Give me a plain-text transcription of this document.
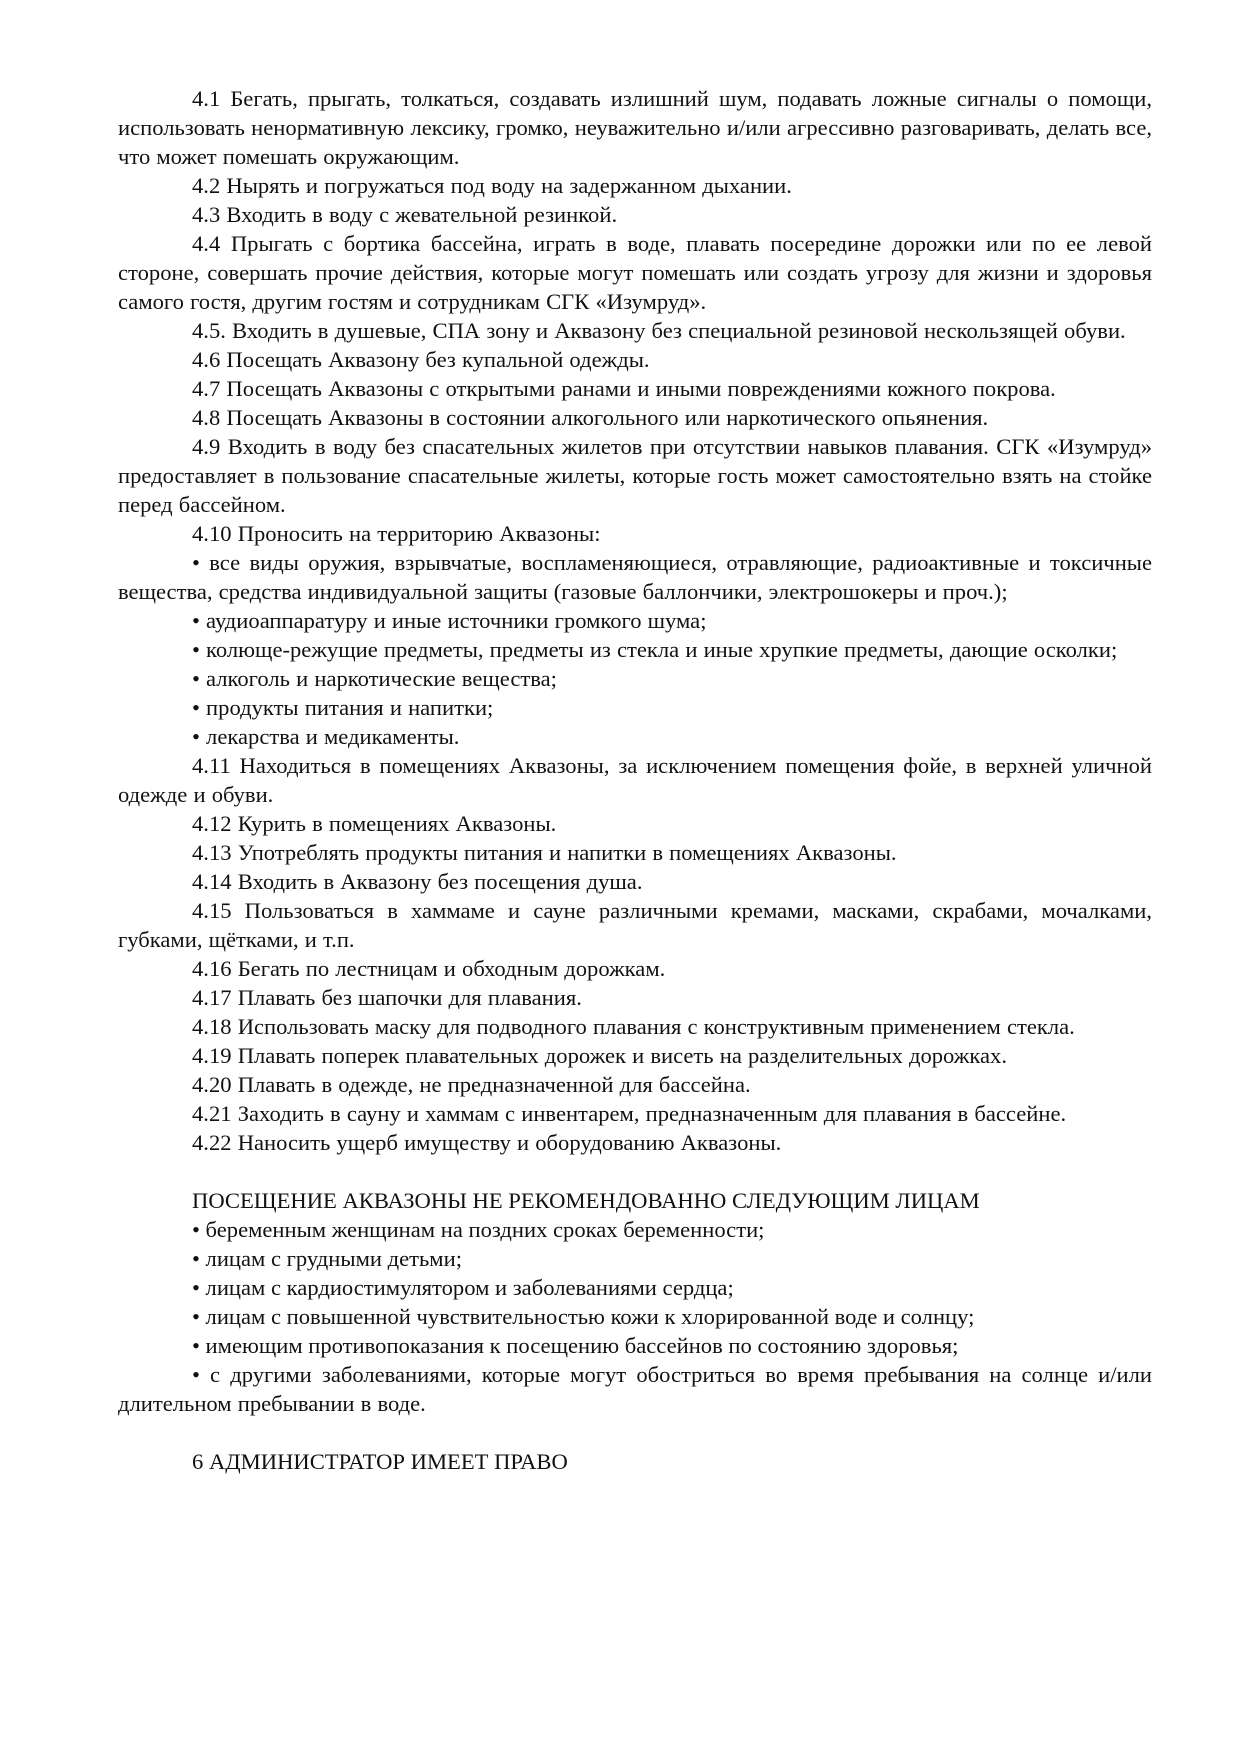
4.1 Бегать, прыгать, толкаться, создавать излишний шум, подавать ложные сигналы о помощи, использовать ненормативную лексику, громко, неуважительно и/или агрессивно разговаривать, делать все, что может помешать окружающим.

4.2 Нырять и погружаться под воду на задержанном дыхании.

4.3 Входить в воду с жевательной резинкой.

4.4 Прыгать с бортика бассейна, играть в воде, плавать посередине дорожки или по ее левой стороне, совершать прочие действия, которые могут помешать или создать угрозу для жизни и здоровья самого гостя, другим гостям и сотрудникам СГК «Изумруд».

4.5. Входить в душевые, СПА зону и Аквазону без специальной резиновой нескользящей обуви.

4.6 Посещать Аквазону без купальной одежды.

4.7 Посещать Аквазоны с открытыми ранами и иными повреждениями кожного покрова.

4.8 Посещать Аквазоны в состоянии алкогольного или наркотического опьянения.

4.9 Входить в воду без спасательных жилетов при отсутствии навыков плавания. СГК «Изумруд» предоставляет в пользование спасательные жилеты, которые гость может самостоятельно взять на стойке перед бассейном.

4.10 Проносить на территорию Аквазоны:

• все виды оружия, взрывчатые, воспламеняющиеся, отравляющие, радиоактивные и токсичные вещества, средства индивидуальной защиты (газовые баллончики, электрошокеры и проч.);

• аудиоаппаратуру и иные источники громкого шума;

• колюще-режущие предметы, предметы из стекла и иные хрупкие предметы, дающие осколки;

• алкоголь и наркотические вещества;

• продукты питания и напитки;

• лекарства и медикаменты.

4.11 Находиться в помещениях Аквазоны, за исключением помещения фойе, в верхней уличной одежде и обуви.

4.12 Курить в помещениях Аквазоны.

4.13 Употреблять продукты питания и напитки в помещениях Аквазоны.

4.14 Входить в Аквазону без посещения душа.

4.15 Пользоваться в хаммаме и сауне различными кремами, масками, скрабами, мочалками, губками, щётками, и т.п.

4.16 Бегать по лестницам и обходным дорожкам.

4.17 Плавать без шапочки для плавания.

4.18 Использовать маску для подводного плавания с конструктивным применением стекла.

4.19 Плавать поперек плавательных дорожек и висеть на разделительных дорожках.

4.20 Плавать в одежде, не предназначенной для бассейна.

4.21 Заходить в сауну и хаммам с инвентарем, предназначенным для плавания в бассейне.

4.22 Наносить ущерб имуществу и оборудованию Аквазоны.

ПОСЕЩЕНИЕ АКВАЗОНЫ НЕ РЕКОМЕНДОВАННО СЛЕДУЮЩИМ ЛИЦАМ

• беременным женщинам на поздних сроках беременности;

• лицам с грудными детьми;

• лицам с кардиостимулятором и заболеваниями сердца;

• лицам с повышенной чувствительностью кожи к хлорированной воде и солнцу;

• имеющим противопоказания к посещению бассейнов по состоянию здоровья;

• с другими заболеваниями, которые могут обостриться во время пребывания на солнце и/или длительном пребывании в воде.

6 АДМИНИСТРАТОР ИМЕЕТ ПРАВО
